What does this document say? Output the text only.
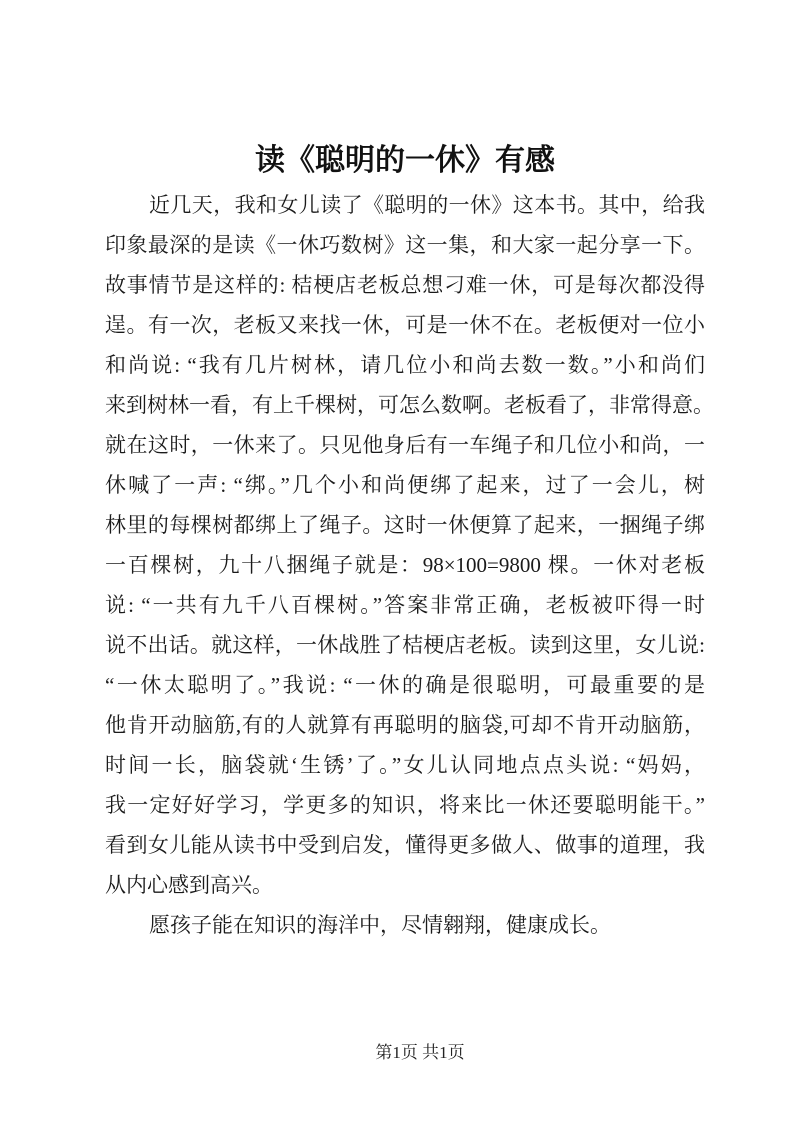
读《聪明的一休》有感
近几天，我和女儿读了《聪明的一休》这本书。其中，给我
印象最深的是读《一休巧数树》这一集，和大家一起分享一下。
故事情节是这样的: 桔梗店老板总想刁难一休，可是每次都没得
逞。有一次，老板又来找一休，可是一休不在。老板便对一位小
和尚说: “我有几片树林，请几位小和尚去数一数。”小和尚们
来到树林一看，有上千棵树，可怎么数啊。老板看了，非常得意。
就在这时，一休来了。只见他身后有一车绳子和几位小和尚，一
休喊了一声: “绑。”几个小和尚便绑了起来，过了一会儿，树
林里的每棵树都绑上了绳子。这时一休便算了起来，一捆绳子绑
一百棵树，九十八捆绳子就是：98×100=9800 棵。一休对老板
说: “一共有九千八百棵树。”答案非常正确，老板被吓得一时
说不出话。就这样，一休战胜了桔梗店老板。读到这里，女儿说:
“一休太聪明了。”我说: “一休的确是很聪明，可最重要的是
他肯开动脑筋,有的人就算有再聪明的脑袋,可却不肯开动脑筋，
时间一长，脑袋就‘生锈’了。”女儿认同地点点头说: “妈妈，
我一定好好学习，学更多的知识，将来比一休还要聪明能干。”
看到女儿能从读书中受到启发，懂得更多做人、做事的道理，我
从内心感到高兴。
愿孩子能在知识的海洋中，尽情翱翔，健康成长。
第1页 共1页
